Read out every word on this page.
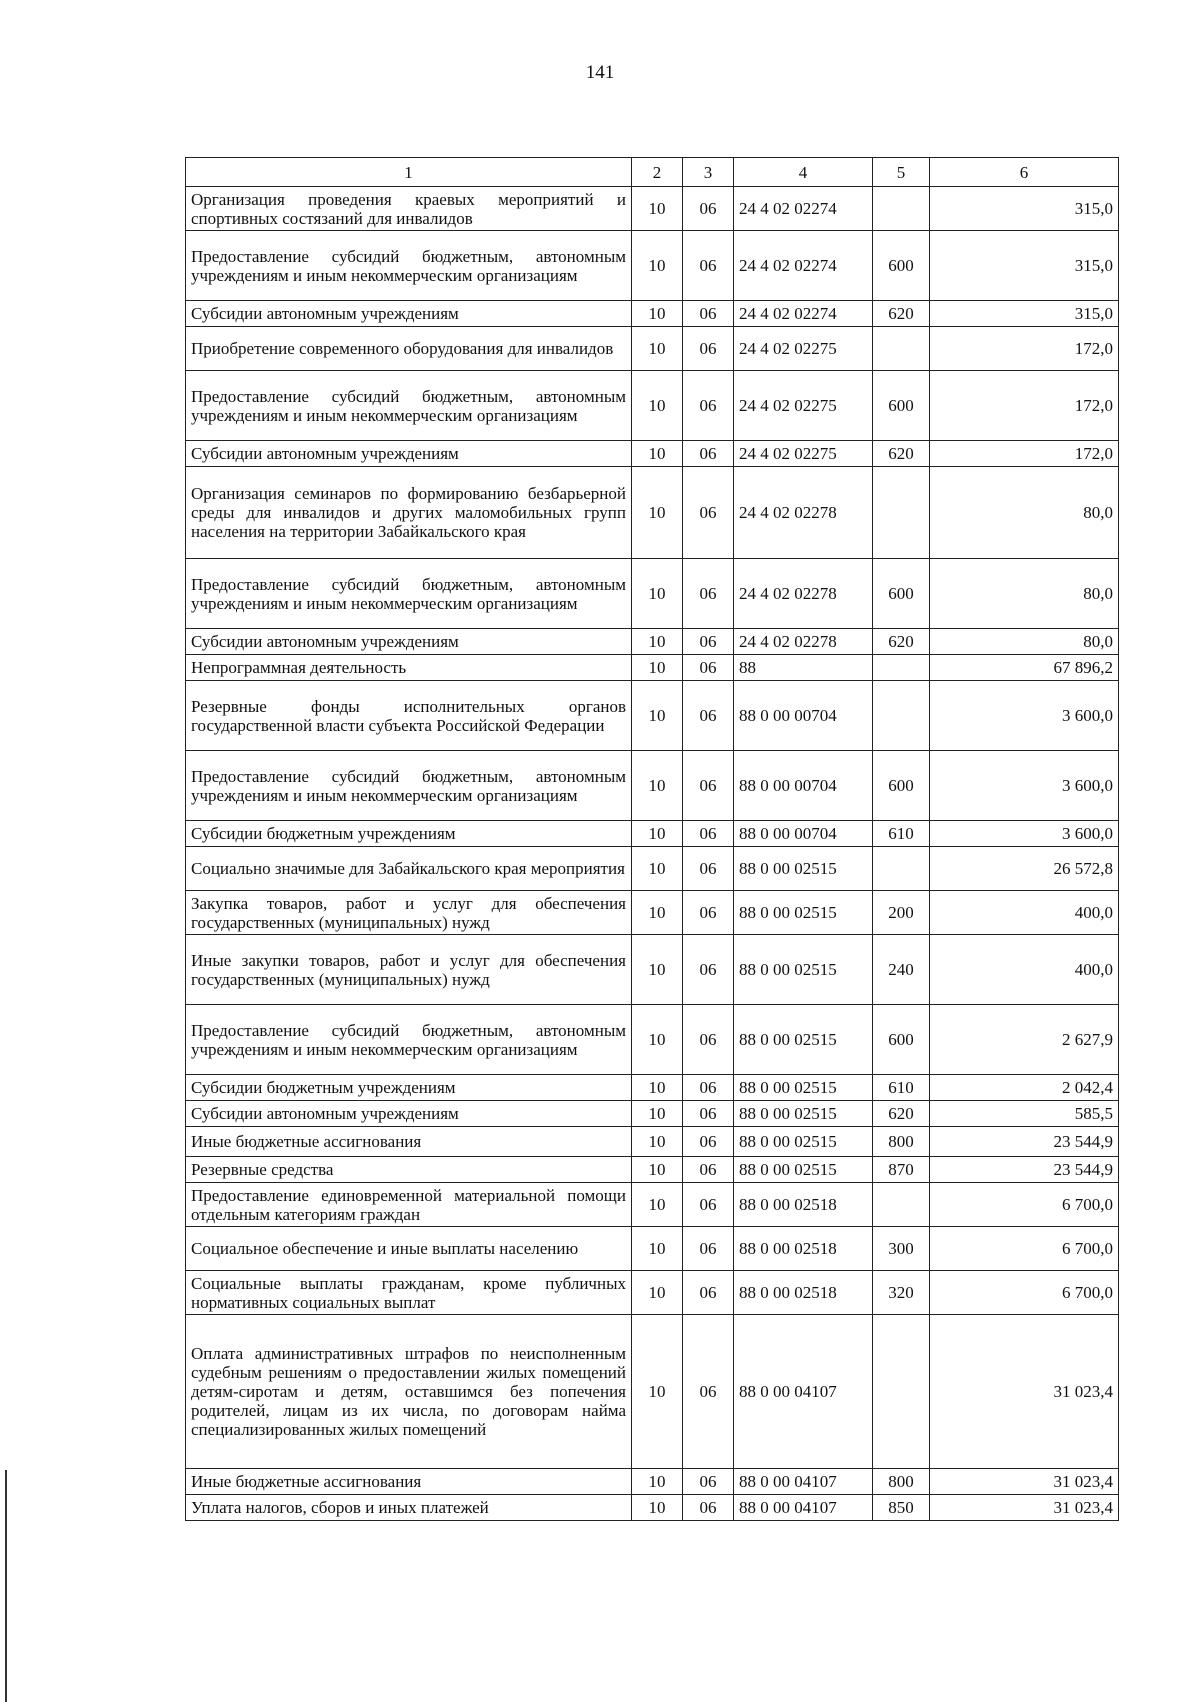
141
1	2	3	4	5	6
Организация проведения краевых мероприятий и спортивных состязаний для инвалидов	10	06	24 4 02 02274		315,0
Предоставление субсидий бюджетным, автономным учреждениям и иным некоммерческим организациям	10	06	24 4 02 02274	600	315,0
Субсидии автономным учреждениям	10	06	24 4 02 02274	620	315,0
Приобретение современного оборудования для инвалидов	10	06	24 4 02 02275		172,0
Предоставление субсидий бюджетным, автономным учреждениям и иным некоммерческим организациям	10	06	24 4 02 02275	600	172,0
Субсидии автономным учреждениям	10	06	24 4 02 02275	620	172,0
Организация семинаров по формированию безбарьерной среды для инвалидов и других маломобильных групп населения на территории Забайкальского края	10	06	24 4 02 02278		80,0
Предоставление субсидий бюджетным, автономным учреждениям и иным некоммерческим организациям	10	06	24 4 02 02278	600	80,0
Субсидии автономным учреждениям	10	06	24 4 02 02278	620	80,0
Непрограммная деятельность	10	06	88		67 896,2
Резервные фонды исполнительных органов государственной власти субъекта Российской Федерации	10	06	88 0 00 00704		3 600,0
Предоставление субсидий бюджетным, автономным учреждениям и иным некоммерческим организациям	10	06	88 0 00 00704	600	3 600,0
Субсидии бюджетным учреждениям	10	06	88 0 00 00704	610	3 600,0
Социально значимые для Забайкальского края мероприятия	10	06	88 0 00 02515		26 572,8
Закупка товаров, работ и услуг для обеспечения государственных (муниципальных) нужд	10	06	88 0 00 02515	200	400,0
Иные закупки товаров, работ и услуг для обеспечения государственных (муниципальных) нужд	10	06	88 0 00 02515	240	400,0
Предоставление субсидий бюджетным, автономным учреждениям и иным некоммерческим организациям	10	06	88 0 00 02515	600	2 627,9
Субсидии бюджетным учреждениям	10	06	88 0 00 02515	610	2 042,4
Субсидии автономным учреждениям	10	06	88 0 00 02515	620	585,5
Иные бюджетные ассигнования	10	06	88 0 00 02515	800	23 544,9
Резервные средства	10	06	88 0 00 02515	870	23 544,9
Предоставление единовременной материальной помощи отдельным категориям граждан	10	06	88 0 00 02518		6 700,0
Социальное обеспечение и иные выплаты населению	10	06	88 0 00 02518	300	6 700,0
Социальные выплаты гражданам, кроме публичных нормативных социальных выплат	10	06	88 0 00 02518	320	6 700,0
Оплата административных штрафов по неисполненным судебным решениям о предоставлении жилых помещений детям-сиротам и детям, оставшимся без попечения родителей, лицам из их числа, по договорам найма специализированных жилых помещений	10	06	88 0 00 04107		31 023,4
Иные бюджетные ассигнования	10	06	88 0 00 04107	800	31 023,4
Уплата налогов, сборов и иных платежей	10	06	88 0 00 04107	850	31 023,4
